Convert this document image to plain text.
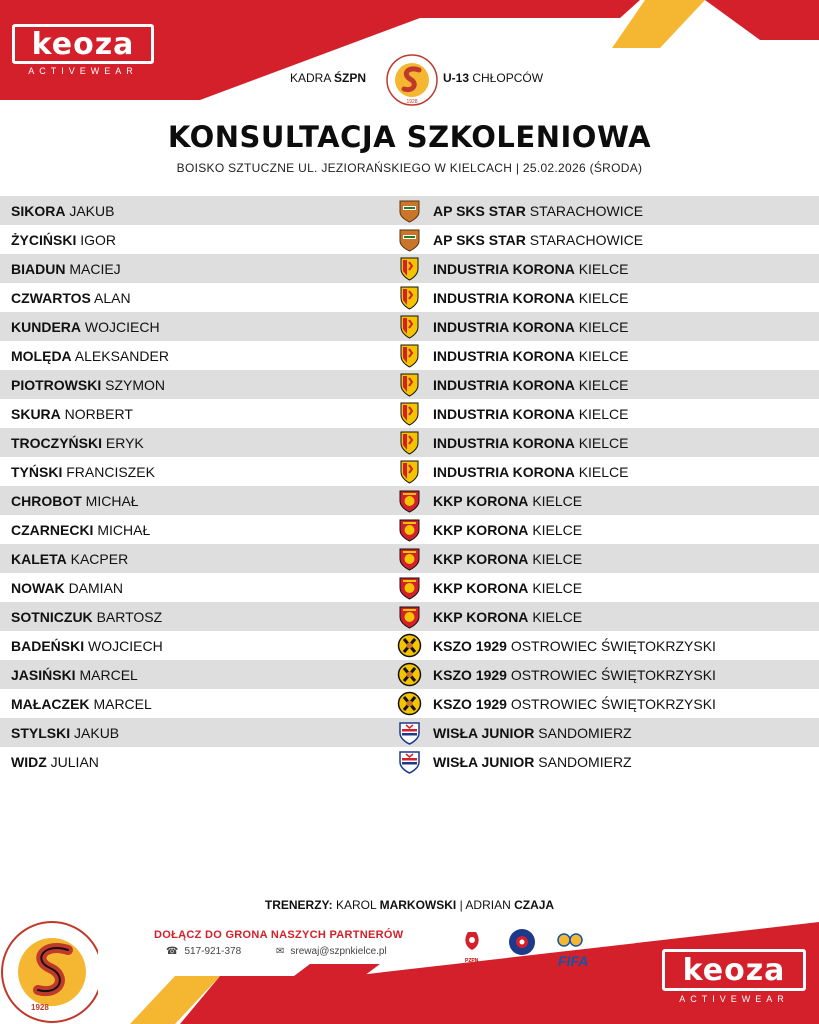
keoza
ACTIVEWEAR	KADRA ŚZPN
1928
U-13 CHŁOPCÓW
KONSULTACJA SZKOLENIOWA
BOISKO SZTUCZNE UL. JEZIORAŃSKIEGO W KIELCACH | 25.02.2026 (ŚRODA)
SIKORA JAKUB	AP SKS STAR STARACHOWICE
ŻYCIŃSKI IGOR	AP SKS STAR STARACHOWICE
BIADUN MACIEJ	INDUSTRIA KORONA KIELCE
CZWARTOS ALAN	INDUSTRIA KORONA KIELCE
KUNDERA WOJCIECH	INDUSTRIA KORONA KIELCE
MOLĘDA ALEKSANDER	INDUSTRIA KORONA KIELCE
PIOTROWSKI SZYMON	INDUSTRIA KORONA KIELCE
SKURA NORBERT	INDUSTRIA KORONA KIELCE
TROCZYŃSKI ERYK	INDUSTRIA KORONA KIELCE
TYŃSKI FRANCISZEK	INDUSTRIA KORONA KIELCE
CHROBOT MICHAŁ	KKP KORONA KIELCE
CZARNECKI MICHAŁ	KKP KORONA KIELCE
KALETA KACPER	KKP KORONA KIELCE
NOWAK DAMIAN	KKP KORONA KIELCE
SOTNICZUK BARTOSZ	KKP KORONA KIELCE
BADEŃSKI WOJCIECH	KSZO 1929 OSTROWIEC ŚWIĘTOKRZYSKI
JASIŃSKI MARCEL	KSZO 1929 OSTROWIEC ŚWIĘTOKRZYSKI
MAŁACZEK MARCEL	KSZO 1929 OSTROWIEC ŚWIĘTOKRZYSKI
STYLSKI JAKUB	WISŁA JUNIOR SANDOMIERZ
WIDZ JULIAN	WISŁA JUNIOR SANDOMIERZ
TRENERZY: KAROL MARKOWSKI | ADRIAN CZAJA
1928
DOŁĄCZ DO GRONA NASZYCH PARTNERÓW
☎ 517-921-378	✉ srewaj@szpnkielce.pl
PZPN	FIFA	keoza
ACTIVEWEAR
